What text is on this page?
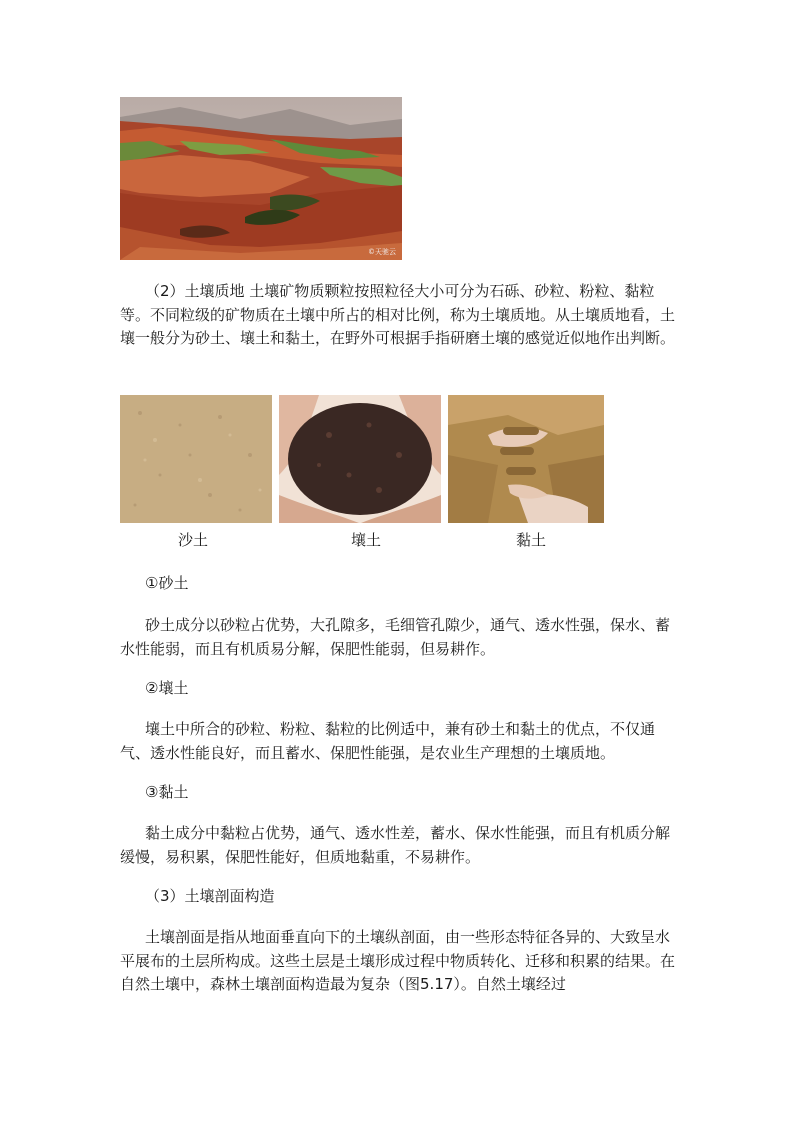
©天驰云

（2）土壤质地 土壤矿物质颗粒按照粒径大小可分为石砾、砂粒、粉粒、黏粒等。不同粒级的矿物质在土壤中所占的相对比例，称为土壤质地。从土壤质地看，土壤一般分为砂土、壤土和黏土，在野外可根据手指研磨土壤的感觉近似地作出判断。

沙土	壤土	黏土
①砂土

砂土成分以砂粒占优势，大孔隙多，毛细管孔隙少，通气、透水性强，保水、蓄水性能弱，而且有机质易分解，保肥性能弱，但易耕作。

②壤土

壤土中所合的砂粒、粉粒、黏粒的比例适中，兼有砂土和黏土的优点，不仅通气、透水性能良好，而且蓄水、保肥性能强，是农业生产理想的土壤质地。

③黏土

黏土成分中黏粒占优势，通气、透水性差，蓄水、保水性能强，而且有机质分解缓慢，易积累，保肥性能好，但质地黏重，不易耕作。

（3）土壤剖面构造

土壤剖面是指从地面垂直向下的土壤纵剖面，由一些形态特征各异的、大致呈水平展布的土层所构成。这些土层是土壤形成过程中物质转化、迁移和积累的结果。在自然土壤中，森林土壤剖面构造最为复杂（图5.17）。自然土壤经过
